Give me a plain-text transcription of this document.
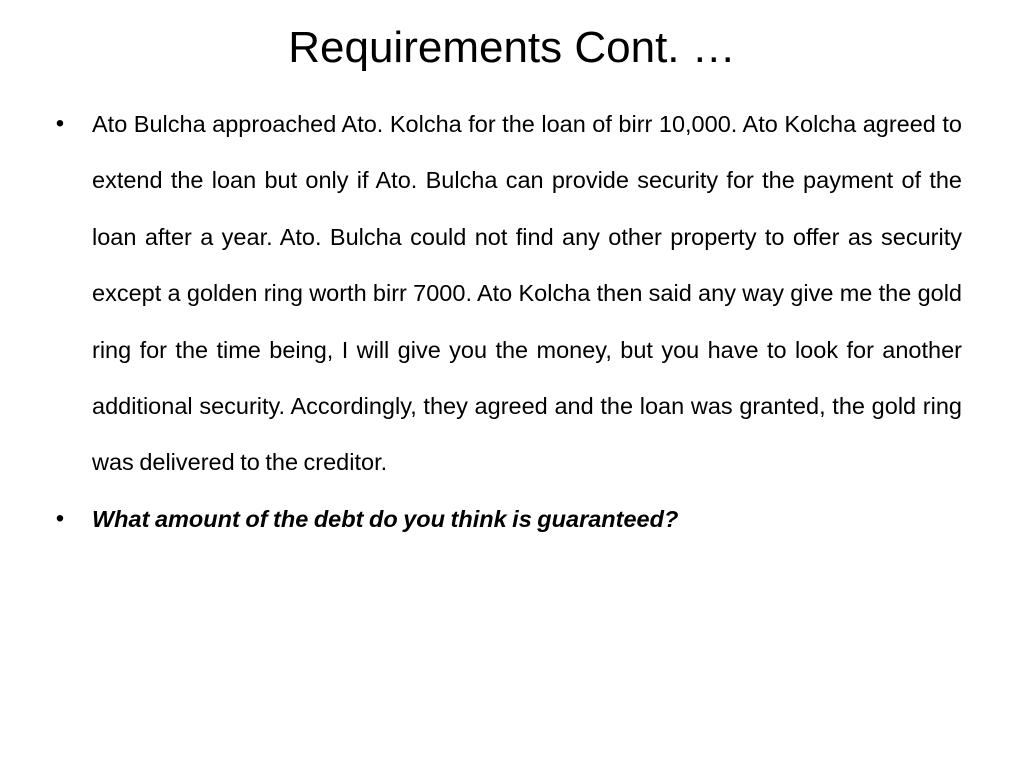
Requirements Cont. …
• Ato Bulcha approached Ato. Kolcha for the loan of birr 10,000. Ato Kolcha agreed to extend the loan but only if Ato. Bulcha can provide security for the payment of the loan after a year. Ato. Bulcha could not find any other property to offer as security except a golden ring worth birr 7000. Ato Kolcha then said any way give me the gold ring for the time being, I will give you the money, but you have to look for another additional security. Accordingly, they agreed and the loan was granted, the gold ring was delivered to the creditor.
• What amount of the debt do you think is guaranteed?
